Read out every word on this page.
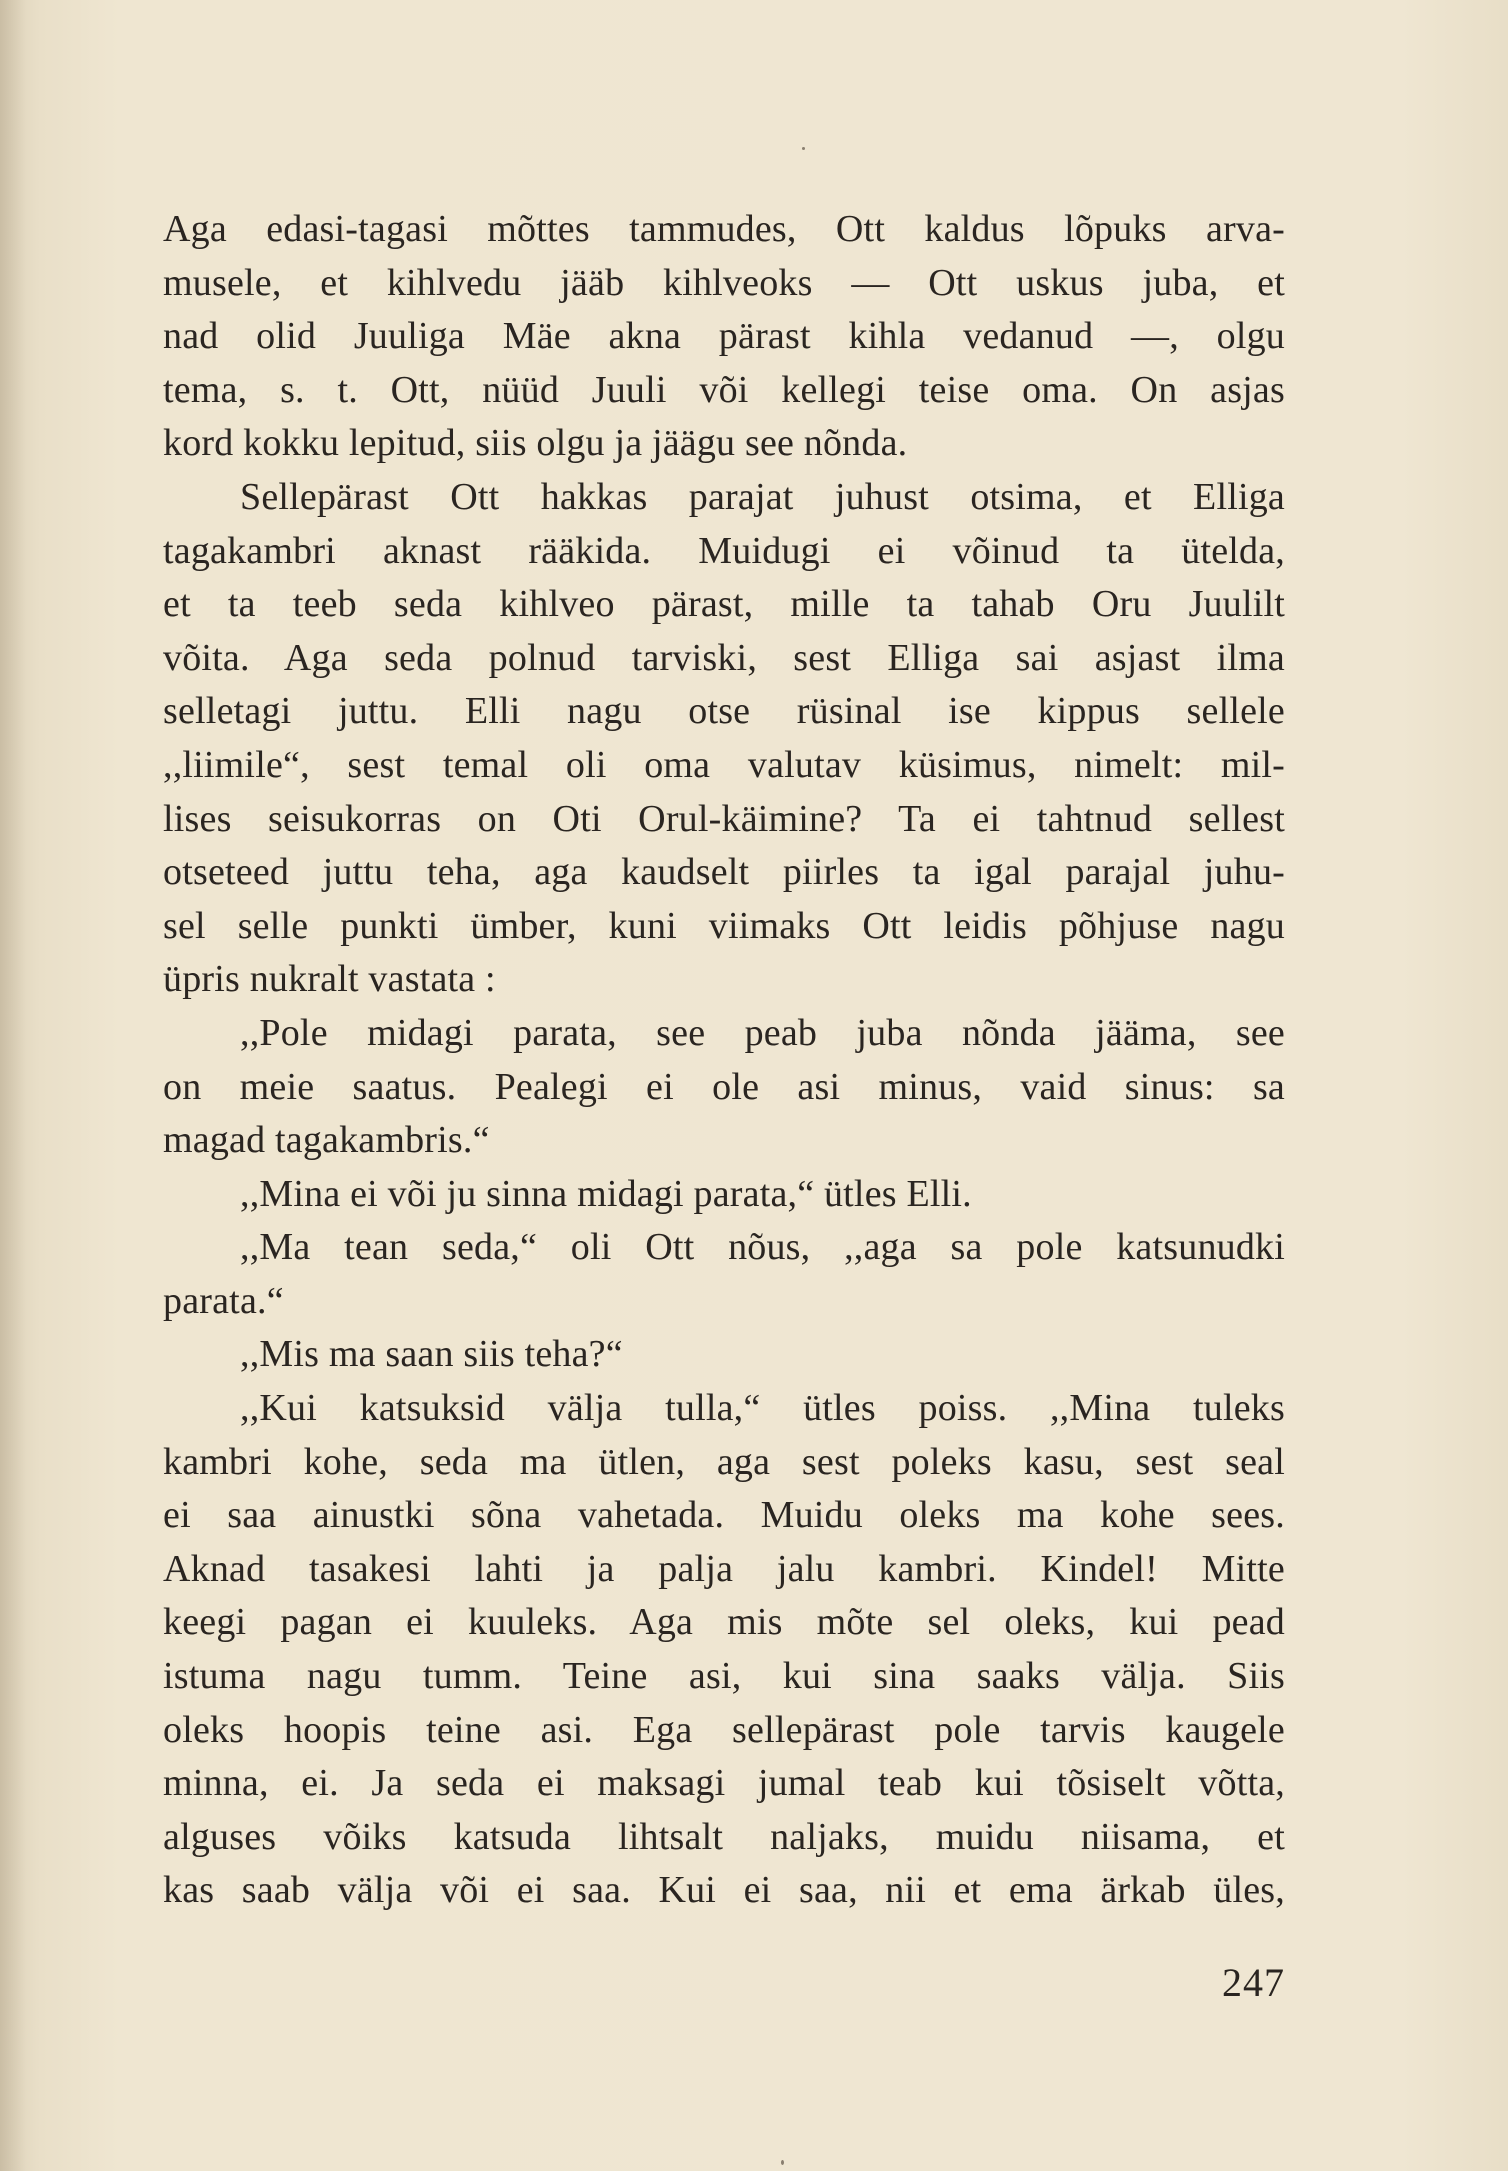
Aga edasi-tagasi mõttes tammudes, Ott kaldus lõpuks arva-
musele, et kihlvedu jääb kihlveoks — Ott uskus juba, et
nad olid Juuliga Mäe akna pärast kihla vedanud —, olgu
tema, s. t. Ott, nüüd Juuli või kellegi teise oma. On asjas
kord kokku lepitud, siis olgu ja jäägu see nõnda.
Sellepärast Ott hakkas parajat juhust otsima, et Elliga
tagakambri aknast rääkida. Muidugi ei võinud ta ütelda,
et ta teeb seda kihlveo pärast, mille ta tahab Oru Juulilt
võita. Aga seda polnud tarviski, sest Elliga sai asjast ilma
selletagi juttu. Elli nagu otse rüsinal ise kippus sellele
,,liimile“, sest temal oli oma valutav küsimus, nimelt: mil-
lises seisukorras on Oti Orul-käimine? Ta ei tahtnud sellest
otseteed juttu teha, aga kaudselt piirles ta igal parajal juhu-
sel selle punkti ümber, kuni viimaks Ott leidis põhjuse nagu
üpris nukralt vastata :
,,Pole midagi parata, see peab juba nõnda jääma, see
on meie saatus. Pealegi ei ole asi minus, vaid sinus: sa
magad tagakambris.“
,,Mina ei või ju sinna midagi parata,“ ütles Elli.
,,Ma tean seda,“ oli Ott nõus, ,,aga sa pole katsunudki
parata.“
,,Mis ma saan siis teha?“
,,Kui katsuksid välja tulla,“ ütles poiss. ,,Mina tuleks
kambri kohe, seda ma ütlen, aga sest poleks kasu, sest seal
ei saa ainustki sõna vahetada. Muidu oleks ma kohe sees.
Aknad tasakesi lahti ja palja jalu kambri. Kindel! Mitte
keegi pagan ei kuuleks. Aga mis mõte sel oleks, kui pead
istuma nagu tumm. Teine asi, kui sina saaks välja. Siis
oleks hoopis teine asi. Ega sellepärast pole tarvis kaugele
minna, ei. Ja seda ei maksagi jumal teab kui tõsiselt võtta,
alguses võiks katsuda lihtsalt naljaks, muidu niisama, et
kas saab välja või ei saa. Kui ei saa, nii et ema ärkab üles,
247
